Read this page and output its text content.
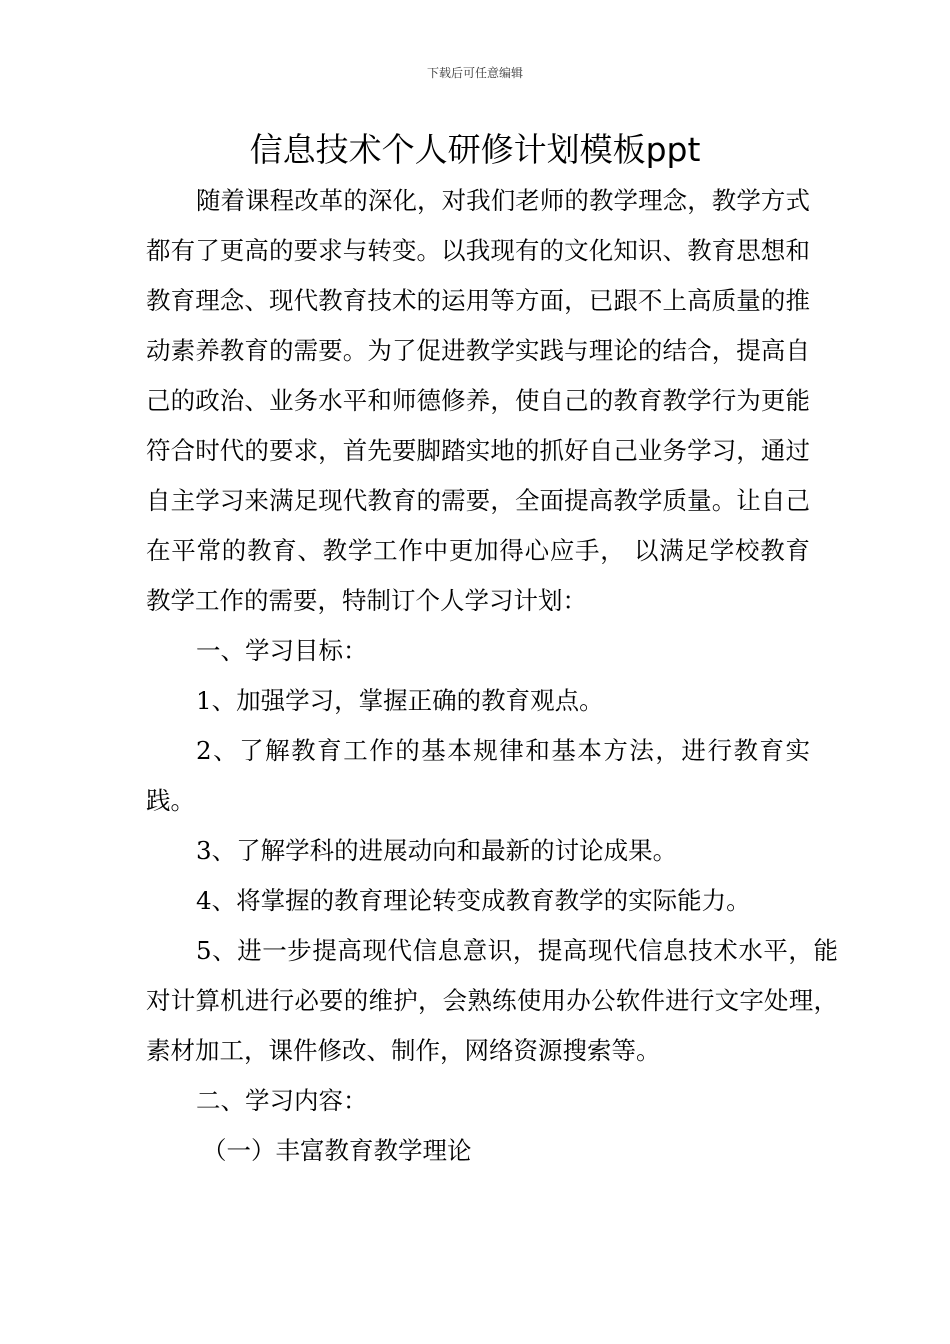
下载后可任意编辑
信息技术个人研修计划模板ppt

随着课程改革的深化，对我们老师的教学理念，教学方式都有了更高的要求与转变。以我现有的文化知识、教育思想和教育理念、现代教育技术的运用等方面，已跟不上高质量的推动素养教育的需要。为了促进教学实践与理论的结合，提高自己的政治、业务水平和师德修养，使自己的教育教学行为更能符合时代的要求，首先要脚踏实地的抓好自己业务学习，通过自主学习来满足现代教育的需要，全面提高教学质量。让自己在平常的教育、教学工作中更加得心应手， 以满足学校教育教学工作的需要，特制订个人学习计划：

一、学习目标：

1、加强学习，掌握正确的教育观点。

2、了解教育工作的基本规律和基本方法，进行教育实践。

3、了解学科的进展动向和最新的讨论成果。

4、将掌握的教育理论转变成教育教学的实际能力。

5、进一步提高现代信息意识，提高现代信息技术水平，能对计算机进行必要的维护，会熟练使用办公软件进行文字处理，素材加工，课件修改、制作，网络资源搜索等。

二、学习内容：

（一）丰富教育教学理论
